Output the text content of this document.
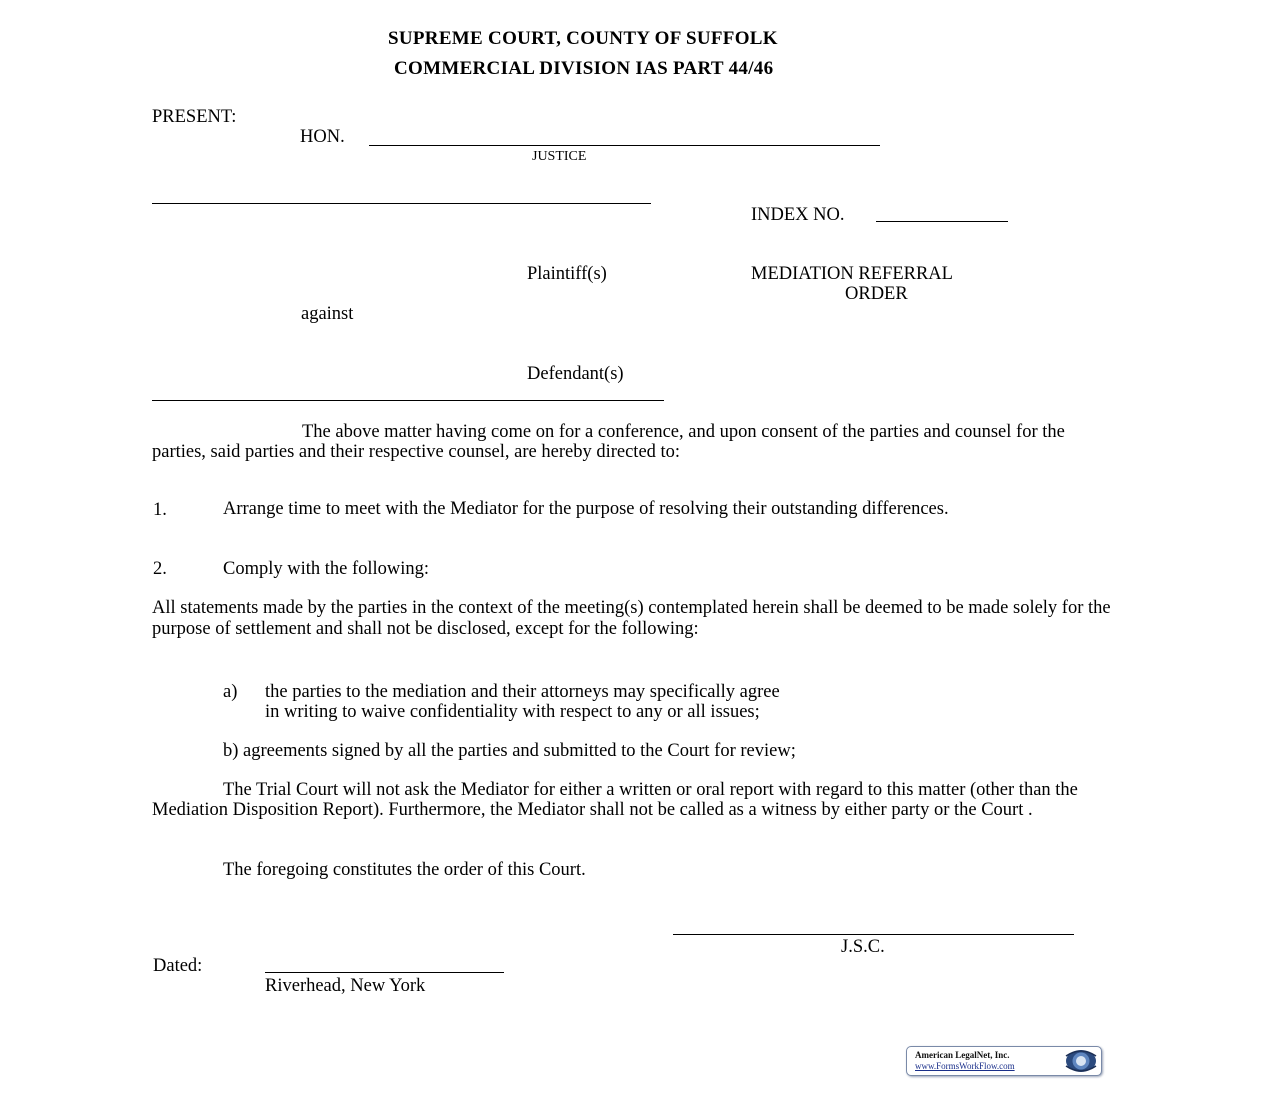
SUPREME COURT, COUNTY OF SUFFOLK
COMMERCIAL DIVISION IAS PART 44/46
PRESENT:
HON.
JUSTICE
INDEX NO.
Plaintiff(s)	MEDIATION REFERRAL
ORDER
against
Defendant(s)
The above matter having come on for a conference, and upon consent of the parties and counsel for the parties, said parties and their respective counsel, are hereby directed to:
1.	Arrange time to meet with the Mediator for the purpose of resolving their outstanding differences.
2.	Comply with the following:
All statements made by the parties in the context of the meeting(s) contemplated herein shall be deemed to be made solely for the purpose of settlement and shall not be disclosed, except for the following:
a) the parties to the mediation and their attorneys may specifically agree
in writing to waive confidentiality with respect to any or all issues;
b) agreements signed by all the parties and submitted to the Court for review;
The Trial Court will not ask the Mediator for either a written or oral report with regard to this matter (other than the Mediation Disposition Report). Furthermore, the Mediator shall not be called as a witness by either party or the Court .
The foregoing constitutes the order of this Court.
J.S.C.
Dated:
Riverhead, New York
American LegalNet, Inc.
www.FormsWorkFlow.com
